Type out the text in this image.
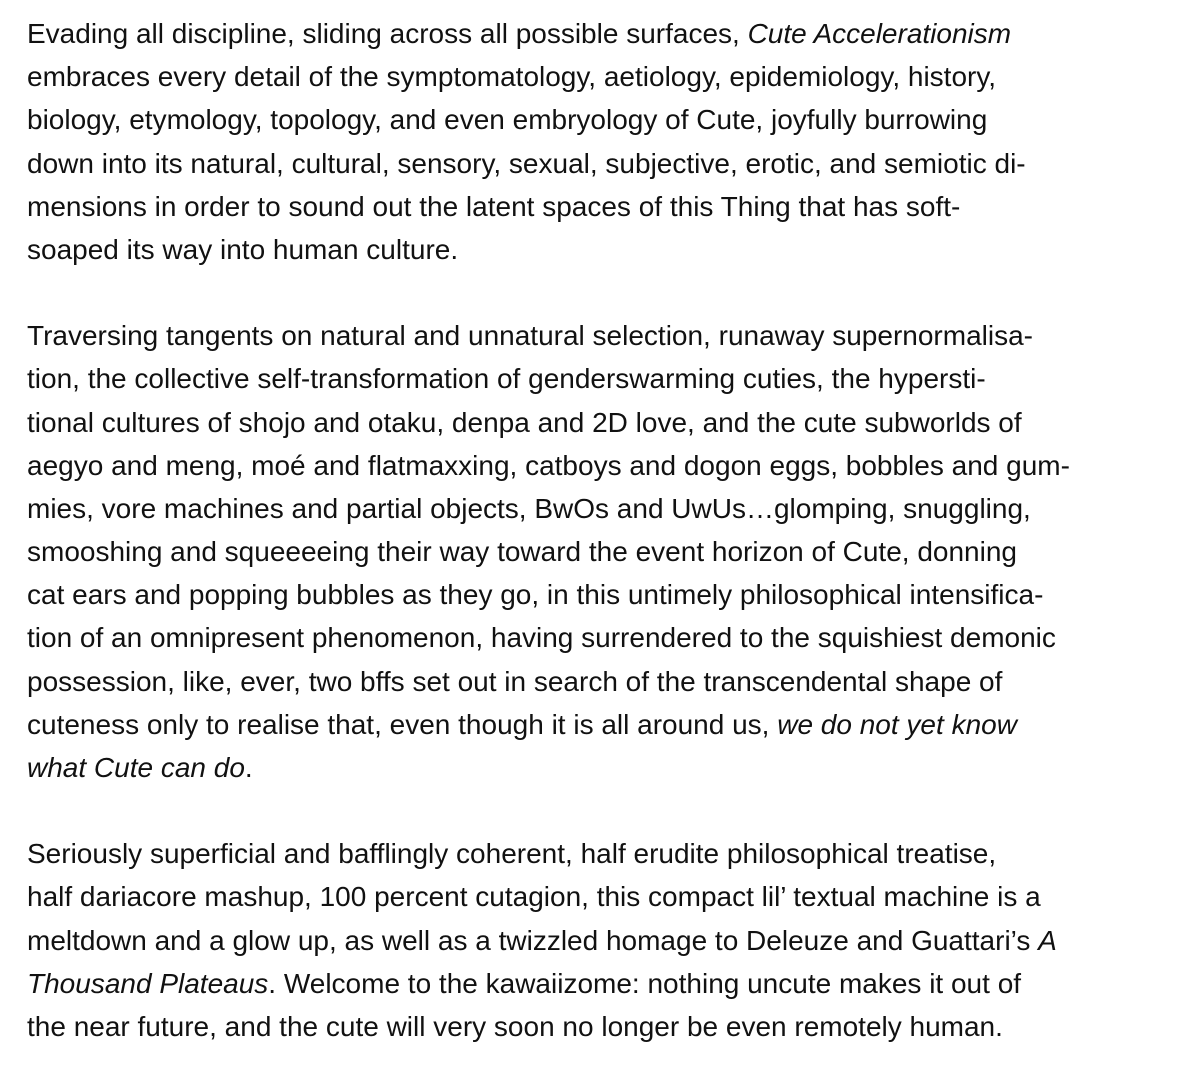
Evading all discipline, sliding across all possible surfaces, Cute Accelerationism
embraces every detail of the symptomatology, aetiology, epidemiology, history,
biology, etymology, topology, and even embryology of Cute, joyfully burrowing
down into its natural, cultural, sensory, sexual, subjective, erotic, and semiotic di-
mensions in order to sound out the latent spaces of this Thing that has soft-
soaped its way into human culture.

Traversing tangents on natural and unnatural selection, runaway supernormalisa-
tion, the collective self-transformation of genderswarming cuties, the hypersti-
tional cultures of shojo and otaku, denpa and 2D love, and the cute subworlds of
aegyo and meng, moé and flatmaxxing, catboys and dogon eggs, bobbles and gum-
mies, vore machines and partial objects, BwOs and UwUs…glomping, snuggling,
smooshing and squeeeeing their way toward the event horizon of Cute, donning
cat ears and popping bubbles as they go, in this untimely philosophical intensifica-
tion of an omnipresent phenomenon, having surrendered to the squishiest demonic
possession, like, ever, two bffs set out in search of the transcendental shape of
cuteness only to realise that, even though it is all around us, we do not yet know
what Cute can do.

Seriously superficial and bafflingly coherent, half erudite philosophical treatise,
half dariacore mashup, 100 percent cutagion, this compact lil’ textual machine is a
meltdown and a glow up, as well as a twizzled homage to Deleuze and Guattari’s A
Thousand Plateaus. Welcome to the kawaiizome: nothing uncute makes it out of
the near future, and the cute will very soon no longer be even remotely human.
